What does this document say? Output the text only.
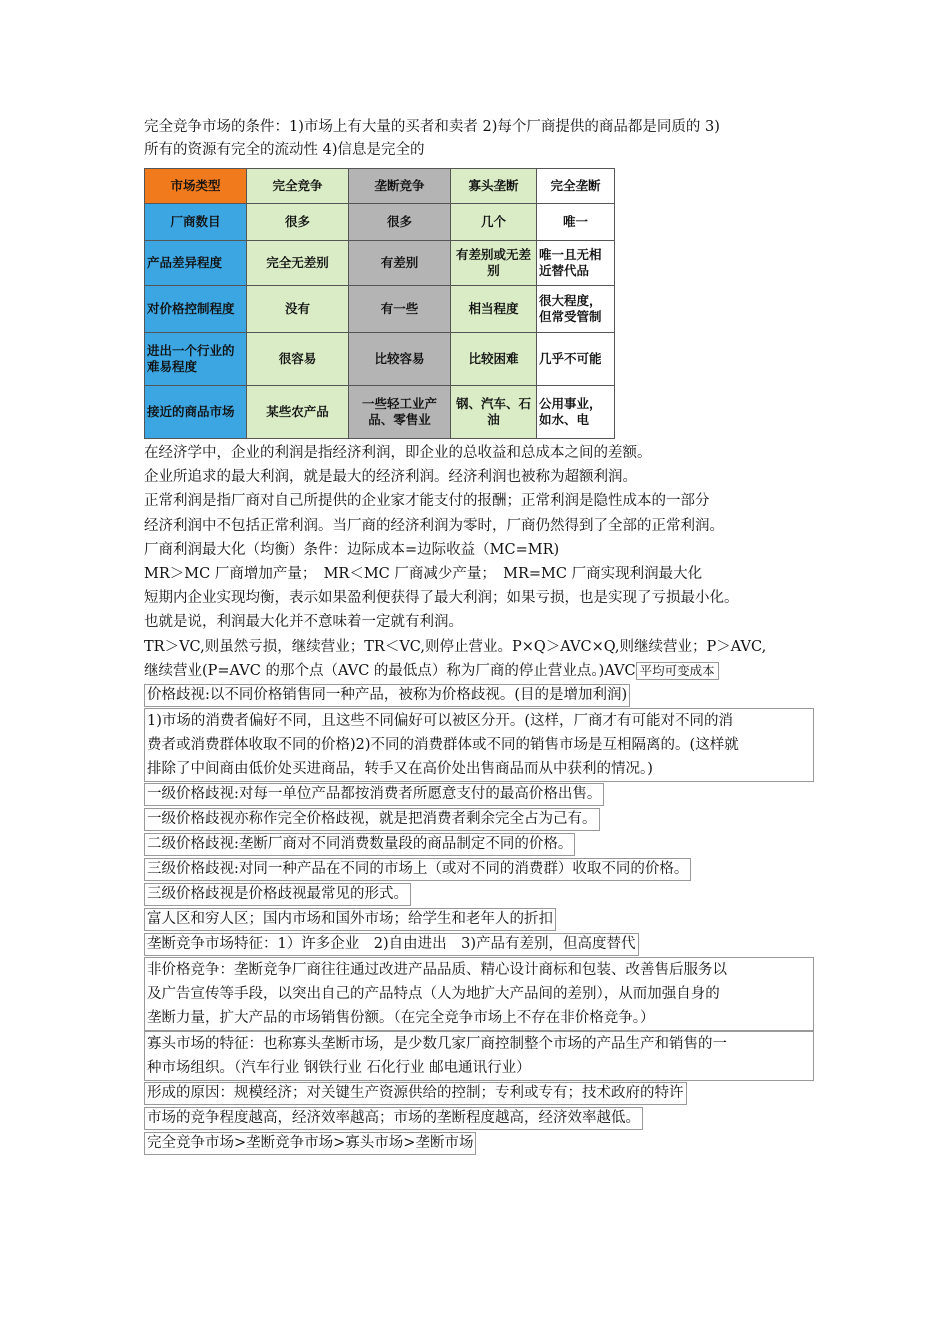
完全竞争市场的条件：1)市场上有大量的买者和卖者 2)每个厂商提供的商品都是同质的 3)
所有的资源有完全的流动性 4)信息是完全的

市场类型	完全竞争	垄断竞争	寡头垄断	完全垄断
厂商数目	很多	很多	几个	唯一
产品差异程度	完全无差别	有差别	有差别或无差别	唯一且无相近替代品
对价格控制程度	没有	有一些	相当程度	很大程度，但常受管制
进出一个行业的难易程度	很容易	比较容易	比较困难	几乎不可能
接近的商品市场	某些农产品	一些轻工业产品、零售业	钢、汽车、石油	公用事业，如水、电
在经济学中，企业的利润是指经济利润，即企业的总收益和总成本之间的差额。
企业所追求的最大利润，就是最大的经济利润。经济利润也被称为超额利润。
正常利润是指厂商对自己所提供的企业家才能支付的报酬；正常利润是隐性成本的一部分
经济利润中不包括正常利润。当厂商的经济利润为零时，厂商仍然得到了全部的正常利润。
厂商利润最大化（均衡）条件：边际成本=边际收益（MC=MR)
MR＞MC 厂商增加产量；　MR＜MC 厂商减少产量；　MR=MC 厂商实现利润最大化
短期内企业实现均衡，表示如果盈利便获得了最大利润；如果亏损，也是实现了亏损最小化。
也就是说，利润最大化并不意味着一定就有利润。
TR＞VC,则虽然亏损，继续营业；TR＜VC,则停止营业。P×Q＞AVC×Q,则继续营业；P＞AVC,
继续营业(P=AVC 的那个点（AVC 的最低点）称为厂商的停止营业点。)AVC 平均可变成本
价格歧视:以不同价格销售同一种产品，被称为价格歧视。(目的是增加利润)
1)市场的消费者偏好不同，且这些不同偏好可以被区分开。(这样，厂商才有可能对不同的消
费者或消费群体收取不同的价格)2)不同的消费群体或不同的销售市场是互相隔离的。(这样就
排除了中间商由低价处买进商品，转手又在高价处出售商品而从中获利的情况。)
一级价格歧视:对每一单位产品都按消费者所愿意支付的最高价格出售。
一级价格歧视亦称作完全价格歧视，就是把消费者剩余完全占为己有。
二级价格歧视:垄断厂商对不同消费数量段的商品制定不同的价格。
三级价格歧视:对同一种产品在不同的市场上（或对不同的消费群）收取不同的价格。
三级价格歧视是价格歧视最常见的形式。
富人区和穷人区；国内市场和国外市场；给学生和老年人的折扣
垄断竞争市场特征：1）许多企业　2)自由进出　3)产品有差别，但高度替代
非价格竞争：垄断竞争厂商往往通过改进产品品质、精心设计商标和包装、改善售后服务以
及广告宣传等手段，以突出自己的产品特点（人为地扩大产品间的差别），从而加强自身的
垄断力量，扩大产品的市场销售份额。（在完全竞争市场上不存在非价格竞争。）
寡头市场的特征：也称寡头垄断市场，是少数几家厂商控制整个市场的产品生产和销售的一
种市场组织。（汽车行业 钢铁行业 石化行业 邮电通讯行业）
形成的原因：规模经济；对关键生产资源供给的控制；专利或专有；技术政府的特许
市场的竞争程度越高，经济效率越高；市场的垄断程度越高，经济效率越低。
完全竞争市场>垄断竞争市场>寡头市场>垄断市场
